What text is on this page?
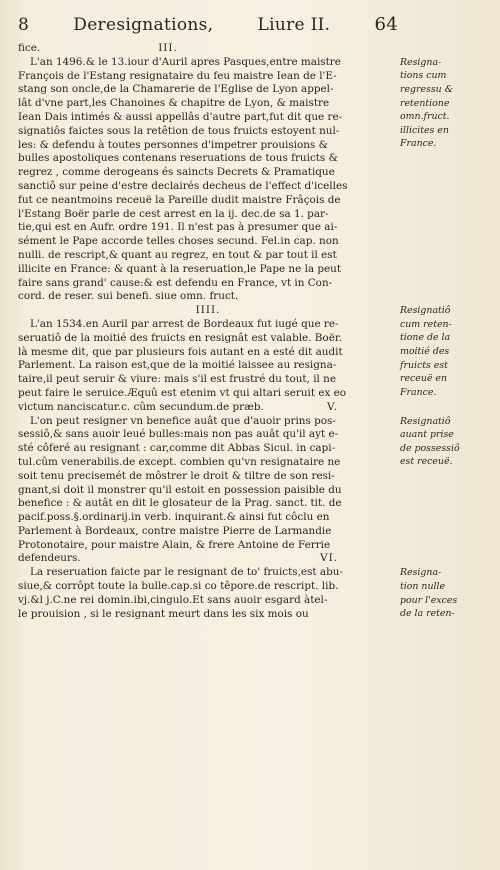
8	Deresignations,	Liure II. 64
fice.	III.
L'an 1496.& le 13.iour d'Auril apres Pasques,entre maistre
François de l'Estang resignataire du feu maistre Iean de l'E-
stang son oncle,de la Chamarerie de l'Eglise de Lyon appel-
lât d'vne part,les Chanoines & chapitre de Lyon, & maistre
Iean Dais intimés & aussi appellâs d'autre part,fut dit que re-
signatiôs faictes sous la retêtion de tous fruicts estoyent nul-
les: & defendu à toutes personnes d'impetrer prouisions &
bulles apostoliques contenans reseruations de tous fruicts &
regrez , comme derogeans és saincts Decrets & Pramatique
sanctiô sur peine d'estre declairés decheus de l'effect d'icelles
fut ce neantmoins receuë la Pareille dudit maistre Frâçois de
l'Estang Boër parle de cest arrest en la ij. dec.de sa 1. par-
tie,qui est en Aufr. ordre 191. Il n'est pas à presumer que ai-
sément le Pape accorde telles choses secund. Fel.in cap. non
nulli. de rescript,& quant au regrez, en tout & par tout il est
illicite en France: & quant à la reseruation,le Pape ne la peut
faire sans grand' cause:& est defendu en France, vt in Con-
cord. de reser. sui benefi. siue omn. fruct.
IIII.
L'an 1534.en Auril par arrest de Bordeaux fut iugé que re-
seruatiô de la moitié des fruicts en resignât est valable. Boër.
là mesme dit, que par plusieurs fois autant en a esté dit audit
Parlement. La raison est,que de la moitié laissee au resigna-
taire,il peut seruir & viure: mais s'il est frustré du tout, il ne
peut faire le seruice.Æquû est etenim vt qui altari seruit ex eo
victum nanciscatur.c. cûm secundum.de præb.	V.
L'on peut resigner vn benefice auât que d'auoir prins pos-
sessiô,& sans auoir leué bulles:mais non pas auât qu'il ayt e-
sté côferé au resignant : car,comme dit Abbas Sicul. in capi-
tul.cûm venerabilis.de except. combien qu'vn resignataire ne
soit tenu precisemét de môstrer le droit & tiltre de son resi-
gnant,si doit il monstrer qu'il estoit en possession paisible du
benefice : & autât en dit le glosateur de la Prag. sanct. tit. de
pacif.poss.§.ordinarij.in verb. inquirant.& ainsi fut côclu en
Parlement à Bordeaux, contre maistre Pierre de Larmandie
Protonotaire, pour maistre Alain, & frere Antoine de Ferrie
defendeurs.	VI.
La reseruation faicte par le resignant de to' fruicts,est abu-
siue,& corrôpt toute la bulle.cap.si co têpore.de rescript. lib.
vj.&l j.C.ne rei domin.ibi,cingulo.Et sans auoir esgard àtel-
le prouision , si le resignant meurt dans les six mois ou
Resigna-
tions cum
regressu &
retentione
omn.fruct.
illicites en
France.
Resignatiô
cum reten-
tione de la
moitié des
fruicts est
receuë en
France.
Resignatiô
auant prise
de possessiô
est receuë.
Resigna-
tion nulle
pour l'exces
de la reten-
